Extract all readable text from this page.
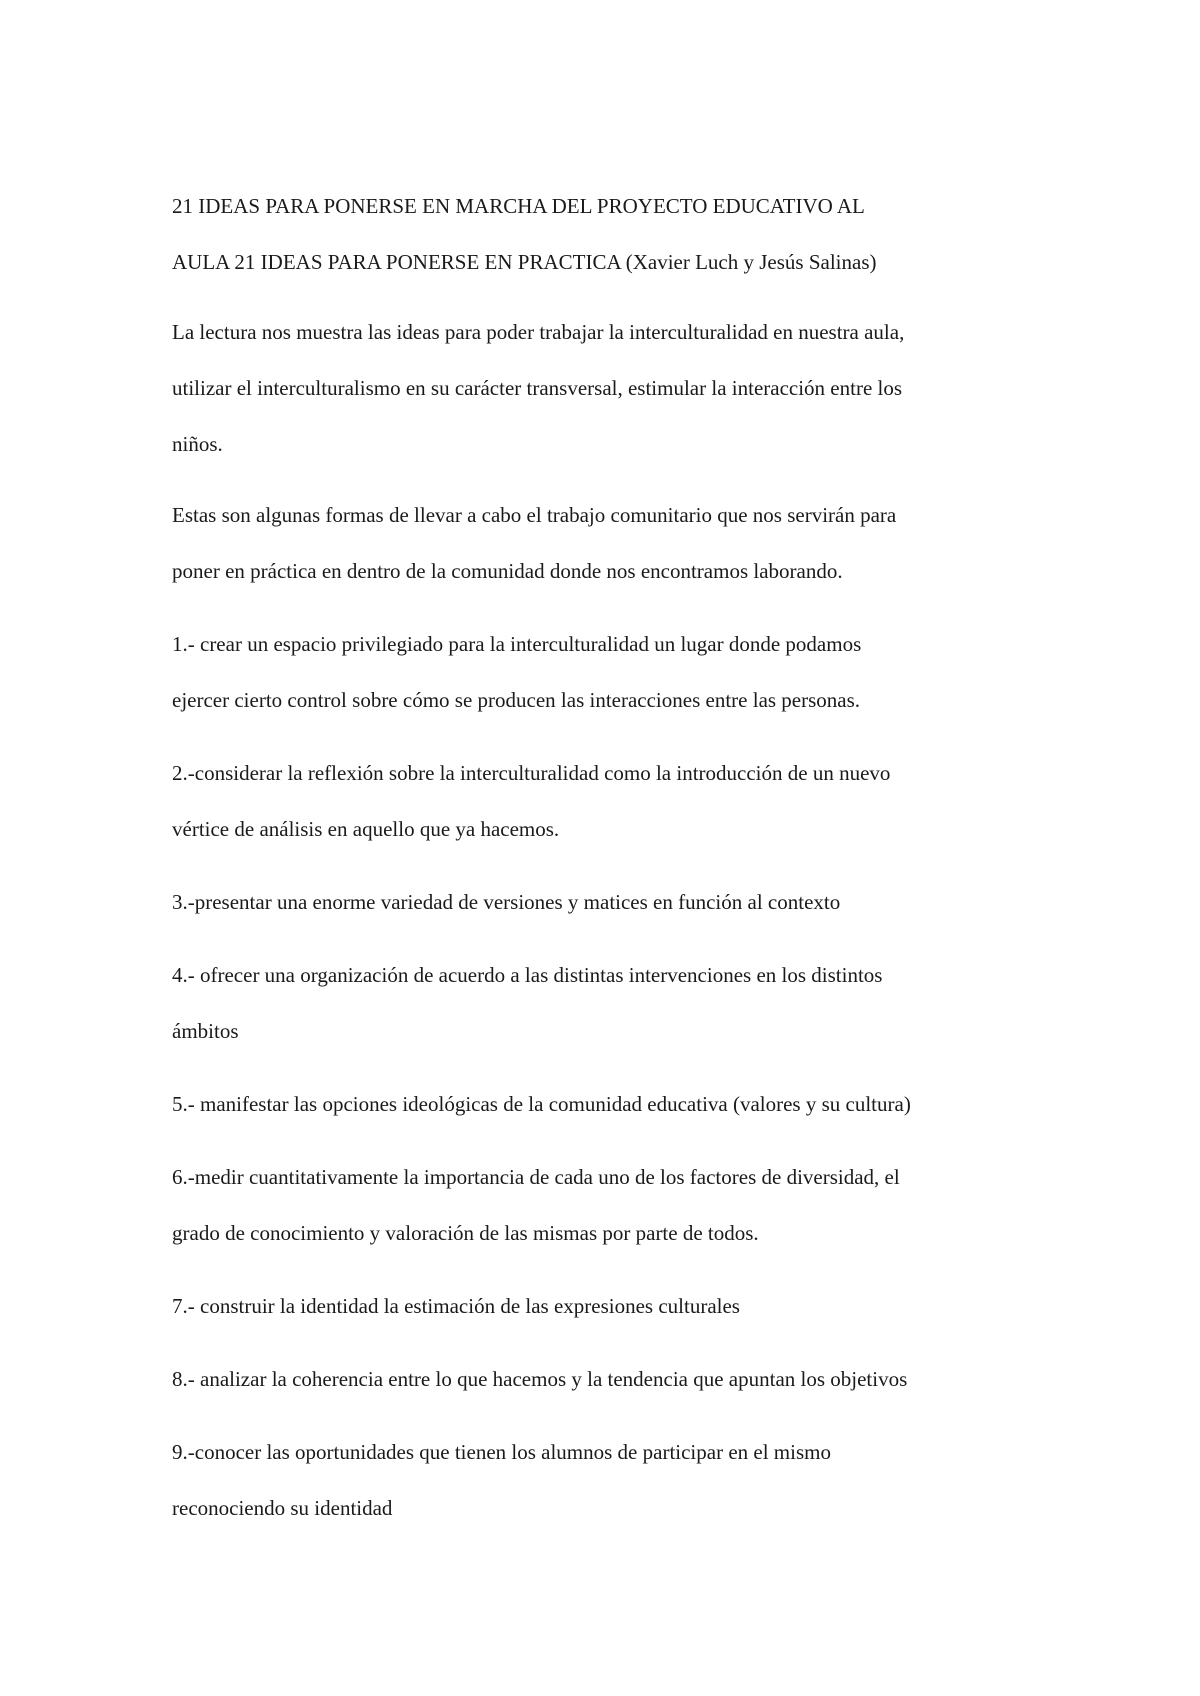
21 IDEAS PARA PONERSE EN MARCHA DEL PROYECTO EDUCATIVO AL
AULA 21 IDEAS PARA PONERSE EN PRACTICA (Xavier Luch y Jesús Salinas)
La lectura nos muestra las ideas para poder trabajar la interculturalidad en nuestra aula,
utilizar el interculturalismo en su carácter transversal, estimular la interacción entre los
niños.
Estas son algunas formas de llevar a cabo el trabajo comunitario que nos servirán para
poner en práctica en dentro de la comunidad donde nos encontramos laborando.
1.- crear un espacio privilegiado para la interculturalidad un lugar donde podamos
ejercer cierto control sobre cómo se producen las interacciones entre las personas.
2.-considerar la reflexión sobre la interculturalidad como la introducción de un nuevo
vértice de análisis en aquello que ya hacemos.
3.-presentar una enorme variedad de versiones y matices en función al contexto
4.- ofrecer una organización de acuerdo a las distintas intervenciones en los distintos
ámbitos
5.- manifestar las opciones ideológicas de la comunidad educativa (valores y su cultura)
6.-medir cuantitativamente la importancia de cada uno de los factores de diversidad, el
grado de conocimiento y valoración de las mismas por parte de todos.
7.- construir la identidad la estimación de las expresiones culturales
8.- analizar la coherencia entre lo que hacemos y la tendencia que apuntan los objetivos
9.-conocer las oportunidades que tienen los alumnos de participar en el mismo
reconociendo su identidad
